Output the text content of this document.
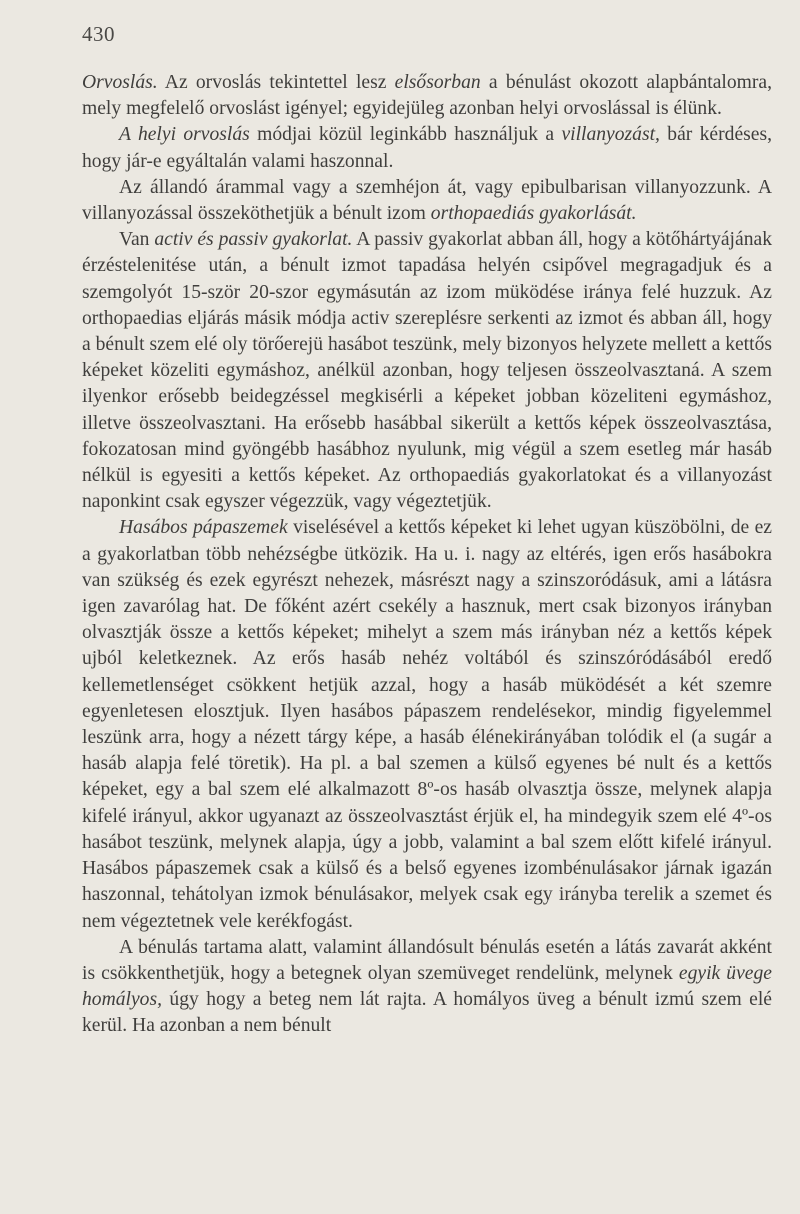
430

Orvoslás. Az orvoslás tekintettel lesz elsősorban a bénulást okozott alapbántalomra, mely megfelelő orvoslást igényel; egyidejüleg azonban helyi orvoslással is élünk.

A helyi orvoslás módjai közül leginkább használjuk a villanyozást, bár kérdéses, hogy jár-e egyáltalán valami haszonnal.

Az állandó árammal vagy a szemhéjon át, vagy epibulbarisan villanyozzunk. A villanyozással összeköthetjük a bénult izom orthopaediás gyakorlását.

Van activ és passiv gyakorlat. A passiv gyakorlat abban áll, hogy a kötőhártyájának érzéstelenitése után, a bénult izmot tapadása helyén csipővel megragadjuk és a szemgolyót 15-ször 20-szor egymásután az izom müködése iránya felé huzzuk. Az orthopaedias eljárás másik módja activ szereplésre serkenti az izmot és abban áll, hogy a bénult szem elé oly törőerejü hasábot teszünk, mely bizonyos helyzete mellett a kettős képeket közeliti egymáshoz, anélkül azonban, hogy teljesen összeolvasztaná. A szem ilyenkor erősebb beidegzéssel megkisérli a képeket jobban közeliteni egymáshoz, illetve összeolvasztani. Ha erősebb hasábbal sikerült a kettős képek összeolvasztása, fokozatosan mind gyöngébb hasábhoz nyulunk, mig végül a szem esetleg már hasáb nélkül is egyesiti a kettős képeket. Az orthopaediás gyakorlatokat és a villanyozást naponkint csak egyszer végezzük, vagy végeztetjük.

Hasábos pápaszemek viselésével a kettős képeket ki lehet ugyan küszöbölni, de ez a gyakorlatban több nehézségbe ütközik. Ha u. i. nagy az eltérés, igen erős hasábokra van szükség és ezek egyrészt nehezek, másrészt nagy a szinszoródásuk, ami a látásra igen zavarólag hat. De főként azért csekély a hasznuk, mert csak bizonyos irányban olvasztják össze a kettős képeket; mihelyt a szem más irányban néz a kettős képek ujból keletkeznek. Az erős hasáb nehéz voltából és szinszóródásából eredő kellemetlenséget csökkent hetjük azzal, hogy a hasáb müködését a két szemre egyenletesen elosztjuk. Ilyen hasábos pápaszem rendelésekor, mindig figyelemmel leszünk arra, hogy a nézett tárgy képe, a hasáb élénekirányában tolódik el (a sugár a hasáb alapja felé töretik). Ha pl. a bal szemen a külső egyenes bé nult és a kettős képeket, egy a bal szem elé alkalmazott 8º-os hasáb olvasztja össze, melynek alapja kifelé irányul, akkor ugyanazt az összeolvasztást érjük el, ha mindegyik szem elé 4º-os hasábot teszünk, melynek alapja, úgy a jobb, valamint a bal szem előtt kifelé irányul. Hasábos pápaszemek csak a külső és a belső egyenes izombénulásakor járnak igazán haszonnal, tehátolyan izmok bénulásakor, melyek csak egy irányba terelik a szemet és nem végeztetnek vele kerékfogást.

A bénulás tartama alatt, valamint állandósult bénulás esetén a látás zavarát akként is csökkenthetjük, hogy a betegnek olyan szemüveget rendelünk, melynek egyik üvege homályos, úgy hogy a beteg nem lát rajta. A homályos üveg a bénult izmú szem elé kerül. Ha azonban a nem bénult
